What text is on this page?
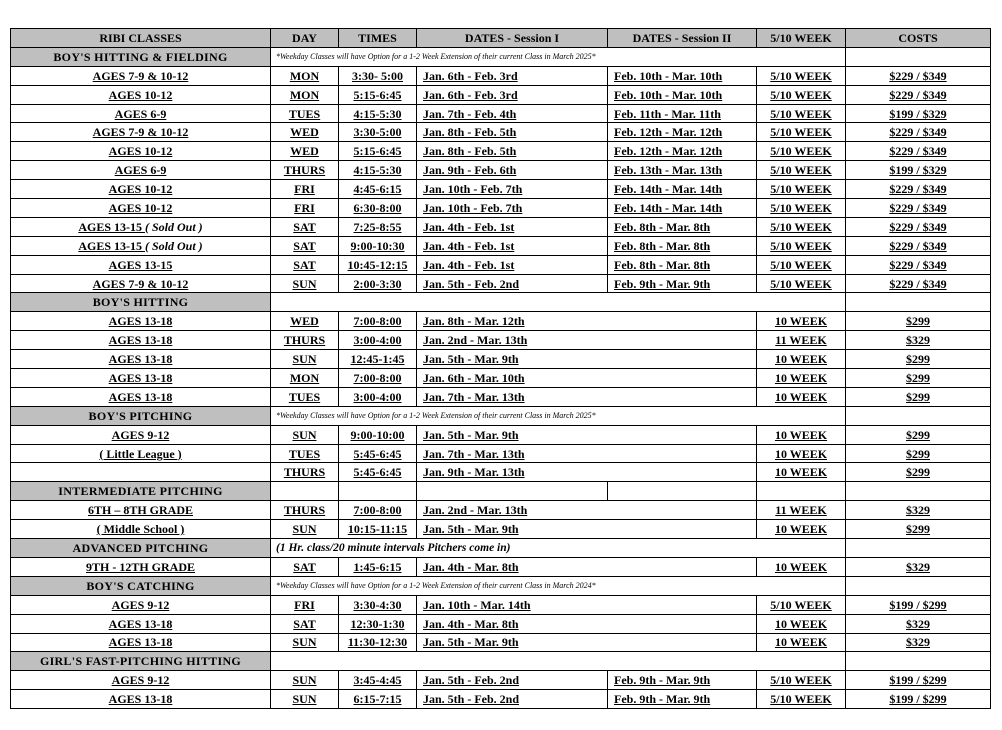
RIBI CLASSES	DAY	TIMES	DATES - Session I	DATES - Session II	5/10 WEEK	COSTS
BOY'S HITTING & FIELDING	*Weekday Classes will have Option for a 1-2 Week Extension of their current Class in March 2025*					
AGES 7-9 & 10-12	MON	3:30- 5:00	Jan. 6th - Feb. 3rd	Feb. 10th - Mar. 10th	5/10 WEEK	$229 / $349
AGES 10-12	MON	5:15-6:45	Jan. 6th - Feb. 3rd	Feb. 10th - Mar. 10th	5/10 WEEK	$229 / $349
AGES 6-9	TUES	4:15-5:30	Jan. 7th - Feb. 4th	Feb. 11th - Mar. 11th	5/10 WEEK	$199 / $329
AGES 7-9 & 10-12	WED	3:30-5:00	Jan. 8th - Feb. 5th	Feb. 12th - Mar. 12th	5/10 WEEK	$229 / $349
AGES 10-12	WED	5:15-6:45	Jan. 8th - Feb. 5th	Feb. 12th - Mar. 12th	5/10 WEEK	$229 / $349
AGES 6-9	THURS	4:15-5:30	Jan. 9th - Feb. 6th	Feb. 13th - Mar. 13th	5/10 WEEK	$199 / $329
AGES 10-12	FRI	4:45-6:15	Jan. 10th - Feb. 7th	Feb. 14th - Mar. 14th	5/10 WEEK	$229 / $349
AGES 10-12	FRI	6:30-8:00	Jan. 10th - Feb. 7th	Feb. 14th - Mar. 14th	5/10 WEEK	$229 / $349
AGES 13-15 ( Sold Out )	SAT	7:25-8:55	Jan. 4th - Feb. 1st	Feb. 8th - Mar. 8th	5/10 WEEK	$229 / $349
AGES 13-15 ( Sold Out )	SAT	9:00-10:30	Jan. 4th - Feb. 1st	Feb. 8th - Mar. 8th	5/10 WEEK	$229 / $349
AGES 13-15	SAT	10:45-12:15	Jan. 4th - Feb. 1st	Feb. 8th - Mar. 8th	5/10 WEEK	$229 / $349
AGES 7-9 & 10-12	SUN	2:00-3:30	Jan. 5th - Feb. 2nd	Feb. 9th - Mar. 9th	5/10 WEEK	$229 / $349
BOY'S HITTING						
AGES 13-18	WED	7:00-8:00	Jan. 8th - Mar. 12th		10 WEEK	$299
AGES 13-18	THURS	3:00-4:00	Jan. 2nd - Mar. 13th		11 WEEK	$329
AGES 13-18	SUN	12:45-1:45	Jan. 5th - Mar. 9th		10 WEEK	$299
AGES 13-18	MON	7:00-8:00	Jan. 6th - Mar. 10th		10 WEEK	$299
AGES 13-18	TUES	3:00-4:00	Jan. 7th - Mar. 13th		10 WEEK	$299
BOY'S PITCHING	*Weekday Classes will have Option for a 1-2 Week Extension of their current Class in March 2025*					
AGES 9-12	SUN	9:00-10:00	Jan. 5th - Mar. 9th		10 WEEK	$299
( Little League )	TUES	5:45-6:45	Jan. 7th - Mar. 13th		10 WEEK	$299
	THURS	5:45-6:45	Jan. 9th - Mar. 13th		10 WEEK	$299
INTERMEDIATE PITCHING						
6TH – 8TH GRADE	THURS	7:00-8:00	Jan. 2nd - Mar. 13th		11 WEEK	$329
( Middle School )	SUN	10:15-11:15	Jan. 5th - Mar. 9th		10 WEEK	$299
ADVANCED PITCHING	(1 Hr. class/20 minute intervals Pitchers come in)					
9TH - 12TH GRADE	SAT	1:45-6:15	Jan. 4th - Mar. 8th		10 WEEK	$329
BOY'S CATCHING	*Weekday Classes will have Option for a 1-2 Week Extension of their current Class in March 2024*					
AGES 9-12	FRI	3:30-4:30	Jan. 10th - Mar. 14th		5/10 WEEK	$199 / $299
AGES 13-18	SAT	12:30-1:30	Jan. 4th - Mar. 8th		10 WEEK	$329
AGES 13-18	SUN	11:30-12:30	Jan. 5th - Mar. 9th		10 WEEK	$329
GIRL'S FAST-PITCHING HITTING						
AGES 9-12	SUN	3:45-4:45	Jan. 5th - Feb. 2nd	Feb. 9th - Mar. 9th	5/10 WEEK	$199 / $299
AGES 13-18	SUN	6:15-7:15	Jan. 5th - Feb. 2nd	Feb. 9th - Mar. 9th	5/10 WEEK	$199 / $299
